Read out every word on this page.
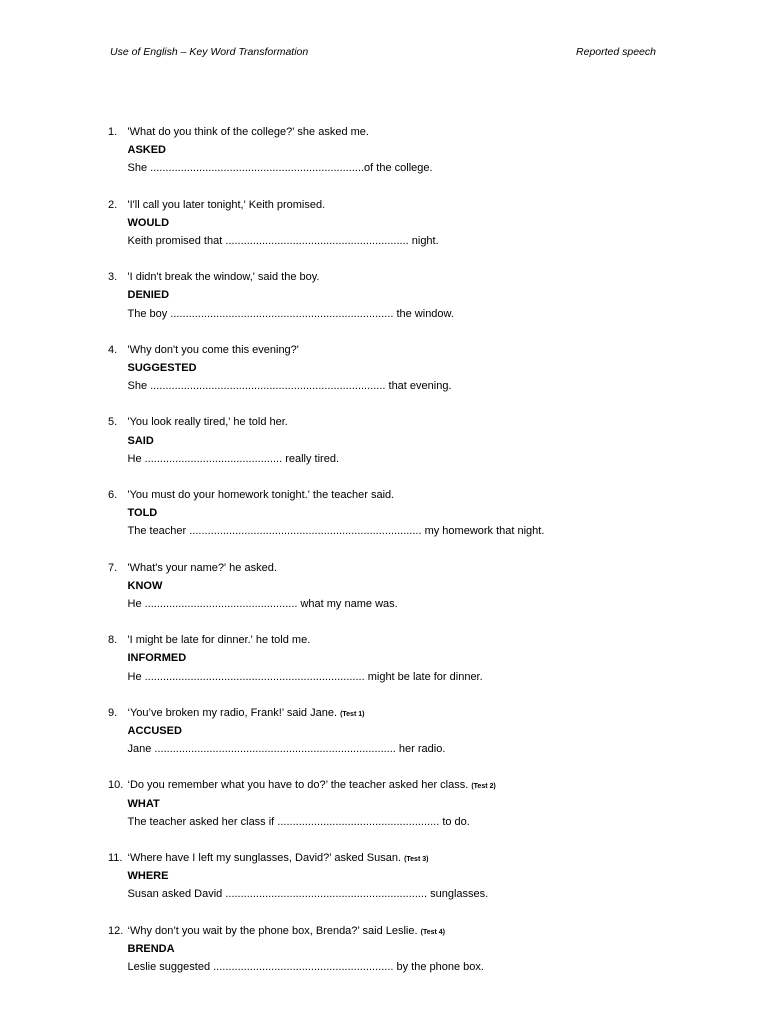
Use of English – Key Word Transformation	Reported speech
1. 'What do you think of the college?' she asked me.
ASKED
She ......................................................................of the college.
2. 'I'll call you later tonight,' Keith promised.
WOULD
Keith promised that ............................................................ night.
3. 'I didn't break the window,' said the boy.
DENIED
The boy ......................................................................... the window.
4. 'Why don't you come this evening?'
SUGGESTED
She ............................................................................. that evening.
5. 'You look really tired,' he told her.
SAID
He ............................................. really tired.
6. 'You must do your homework tonight.' the teacher said.
TOLD
The teacher ............................................................................ my homework that night.
7. 'What's your name?' he asked.
KNOW
He .................................................. what my name was.
8. 'I might be late for dinner.' he told me.
INFORMED
He ........................................................................ might be late for dinner.
9. ‘You’ve broken my radio, Frank!’ said Jane. (Test 1)
ACCUSED
Jane ............................................................................... her radio.
10. ‘Do you remember what you have to do?’ the teacher asked her class. (Test 2)
WHAT
The teacher asked her class if ..................................................... to do.
11. ‘Where have I left my sunglasses, David?’ asked Susan. (Test 3)
WHERE
Susan asked David .................................................................. sunglasses.
12. ‘Why don’t you wait by the phone box, Brenda?’ said Leslie. (Test 4)
BRENDA
Leslie suggested ........................................................... by the phone box.
